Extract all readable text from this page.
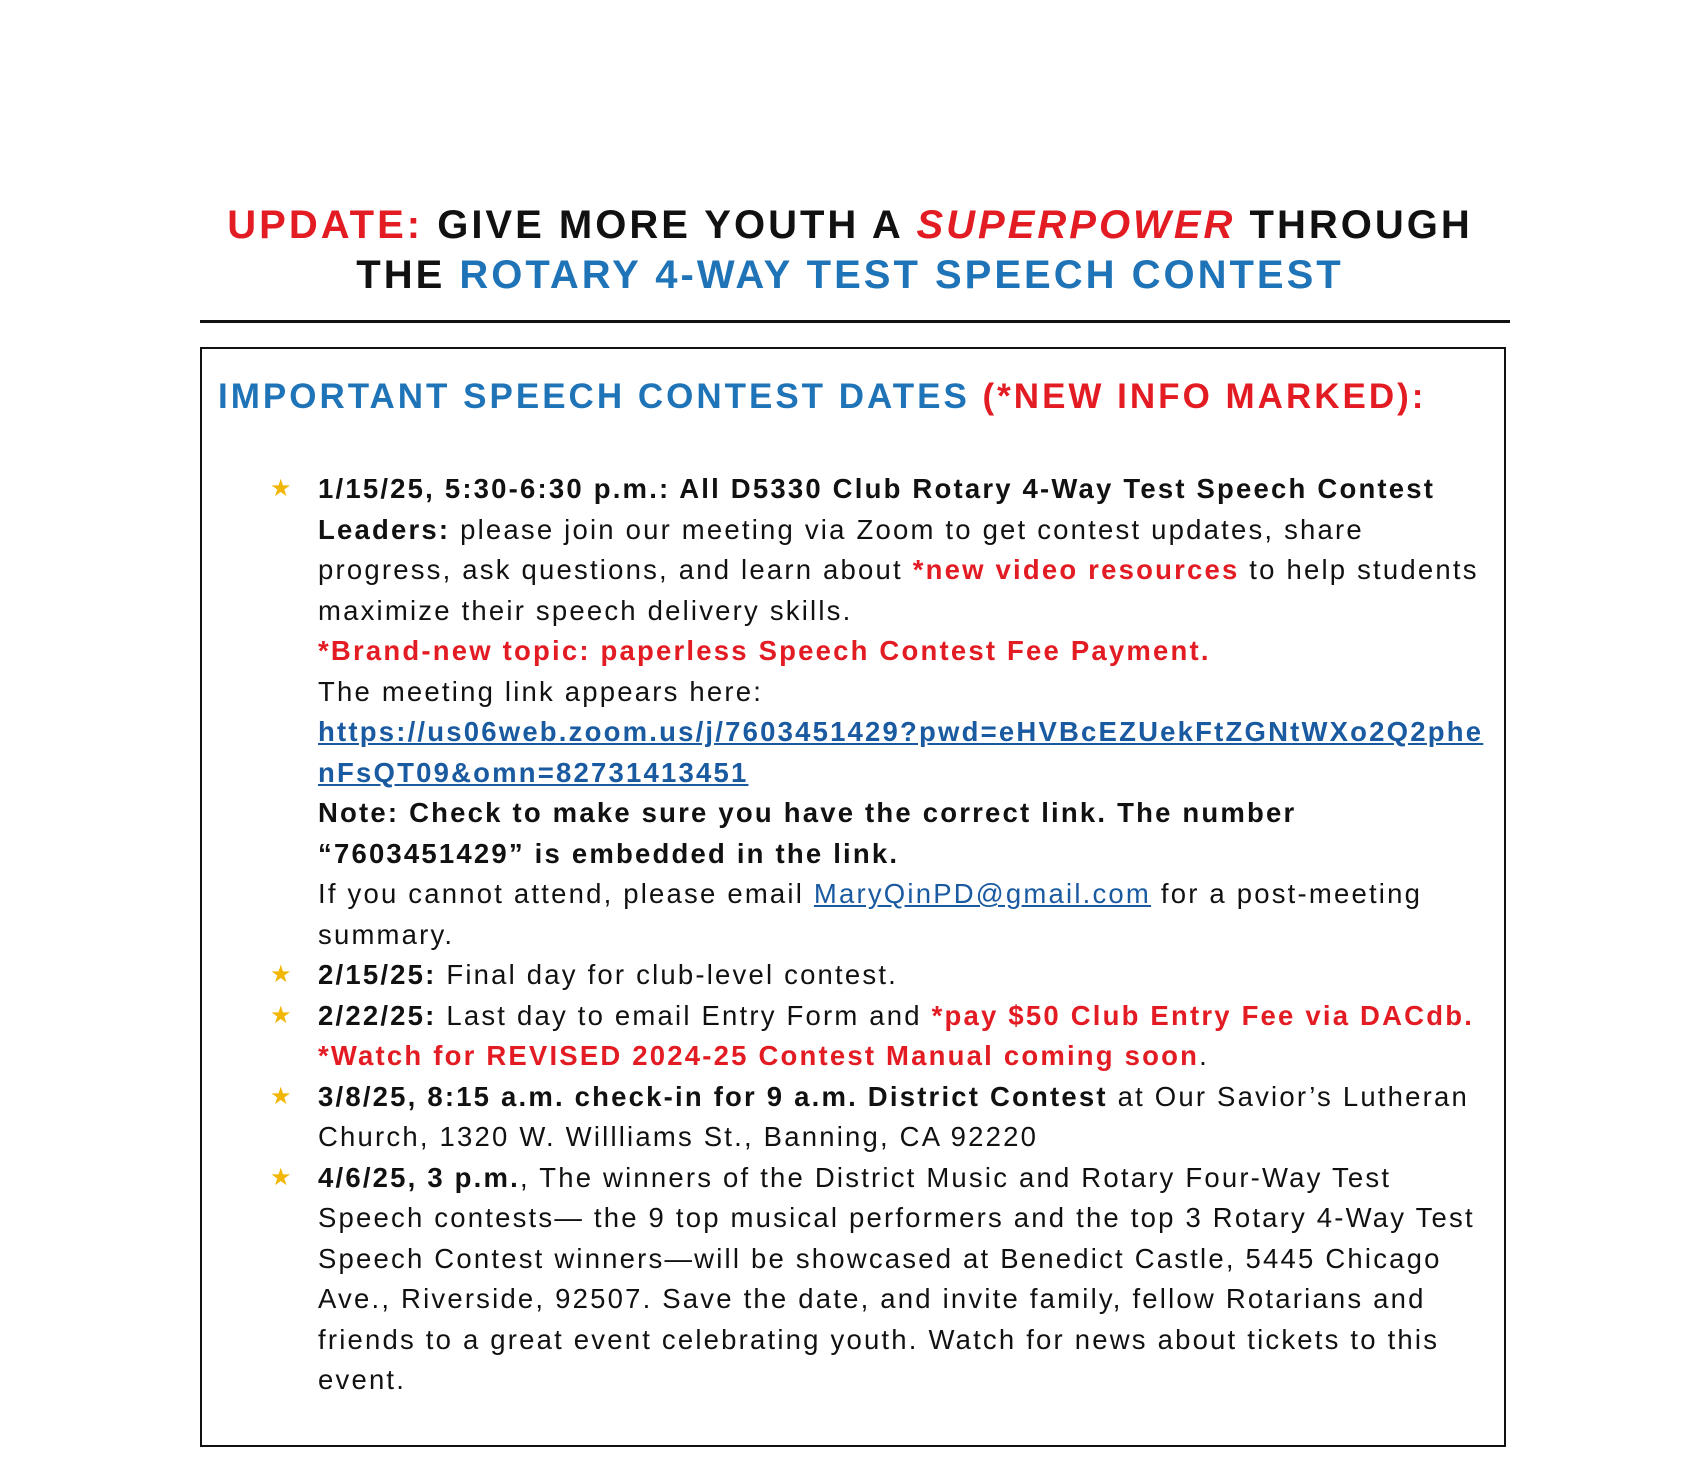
UPDATE: GIVE MORE YOUTH A SUPERPOWER THROUGH
THE ROTARY 4-WAY TEST SPEECH CONTEST
IMPORTANT SPEECH CONTEST DATES (*NEW INFO MARKED):
★ 1/15/25, 5:30-6:30 p.m.: All D5330 Club Rotary 4-Way Test Speech Contest Leaders: please join our meeting via Zoom to get contest updates, share progress, ask questions, and learn about *new video resources to help students maximize their speech delivery skills.
*Brand-new topic: paperless Speech Contest Fee Payment.
The meeting link appears here:
https://us06web.zoom.us/j/7603451429?pwd=eHVBcEZUekFtZGNtWXo2Q2phenFsQT09&omn=82731413451
Note: Check to make sure you have the correct link. The number “7603451429” is embedded in the link.
If you cannot attend, please email MaryQinPD@gmail.com for a post-meeting summary.
★ 2/15/25: Final day for club-level contest.
★ 2/22/25: Last day to email Entry Form and *pay $50 Club Entry Fee via DACdb. *Watch for REVISED 2024-25 Contest Manual coming soon.
★ 3/8/25, 8:15 a.m. check-in for 9 a.m. District Contest at Our Savior’s Lutheran Church, 1320 W. Willliams St., Banning, CA 92220
★ 4/6/25, 3 p.m., The winners of the District Music and Rotary Four-Way Test Speech contests— the 9 top musical performers and the top 3 Rotary 4-Way Test Speech Contest winners—will be showcased at Benedict Castle, 5445 Chicago Ave., Riverside, 92507. Save the date, and invite family, fellow Rotarians and friends to a great event celebrating youth. Watch for news about tickets to this event.
